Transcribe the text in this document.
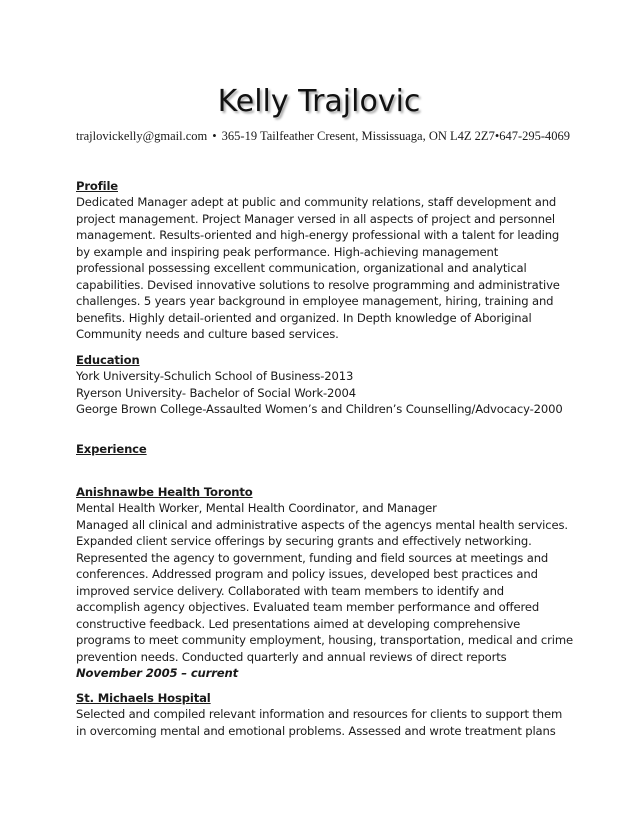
Kelly Trajlovic
trajlovickelly@gmail.com • 365-19 Tailfeather Cresent, Mississuaga, ON L4Z 2Z7•647-295-4069
Profile
Dedicated Manager adept at public and community relations, staff development and
project management. Project Manager versed in all aspects of project and personnel
management. Results-oriented and high-energy professional with a talent for leading
by example and inspiring peak performance. High-achieving management
professional possessing excellent communication, organizational and analytical
capabilities. Devised innovative solutions to resolve programming and administrative
challenges. 5 years year background in employee management, hiring, training and
benefits. Highly detail-oriented and organized. In Depth knowledge of Aboriginal
Community needs and culture based services.
Education
York University-Schulich School of Business-2013
Ryerson University- Bachelor of Social Work-2004
George Brown College-Assaulted Women’s and Children’s Counselling/Advocacy-2000
Experience
Anishnawbe Health Toronto
Mental Health Worker, Mental Health Coordinator, and Manager
Managed all clinical and administrative aspects of the agencys mental health services.
Expanded client service offerings by securing grants and effectively networking.
Represented the agency to government, funding and field sources at meetings and
conferences. Addressed program and policy issues, developed best practices and
improved service delivery. Collaborated with team members to identify and
accomplish agency objectives. Evaluated team member performance and offered
constructive feedback. Led presentations aimed at developing comprehensive
programs to meet community employment, housing, transportation, medical and crime
prevention needs. Conducted quarterly and annual reviews of direct reports
November 2005 – current
St. Michaels Hospital
Selected and compiled relevant information and resources for clients to support them
in overcoming mental and emotional problems. Assessed and wrote treatment plans
